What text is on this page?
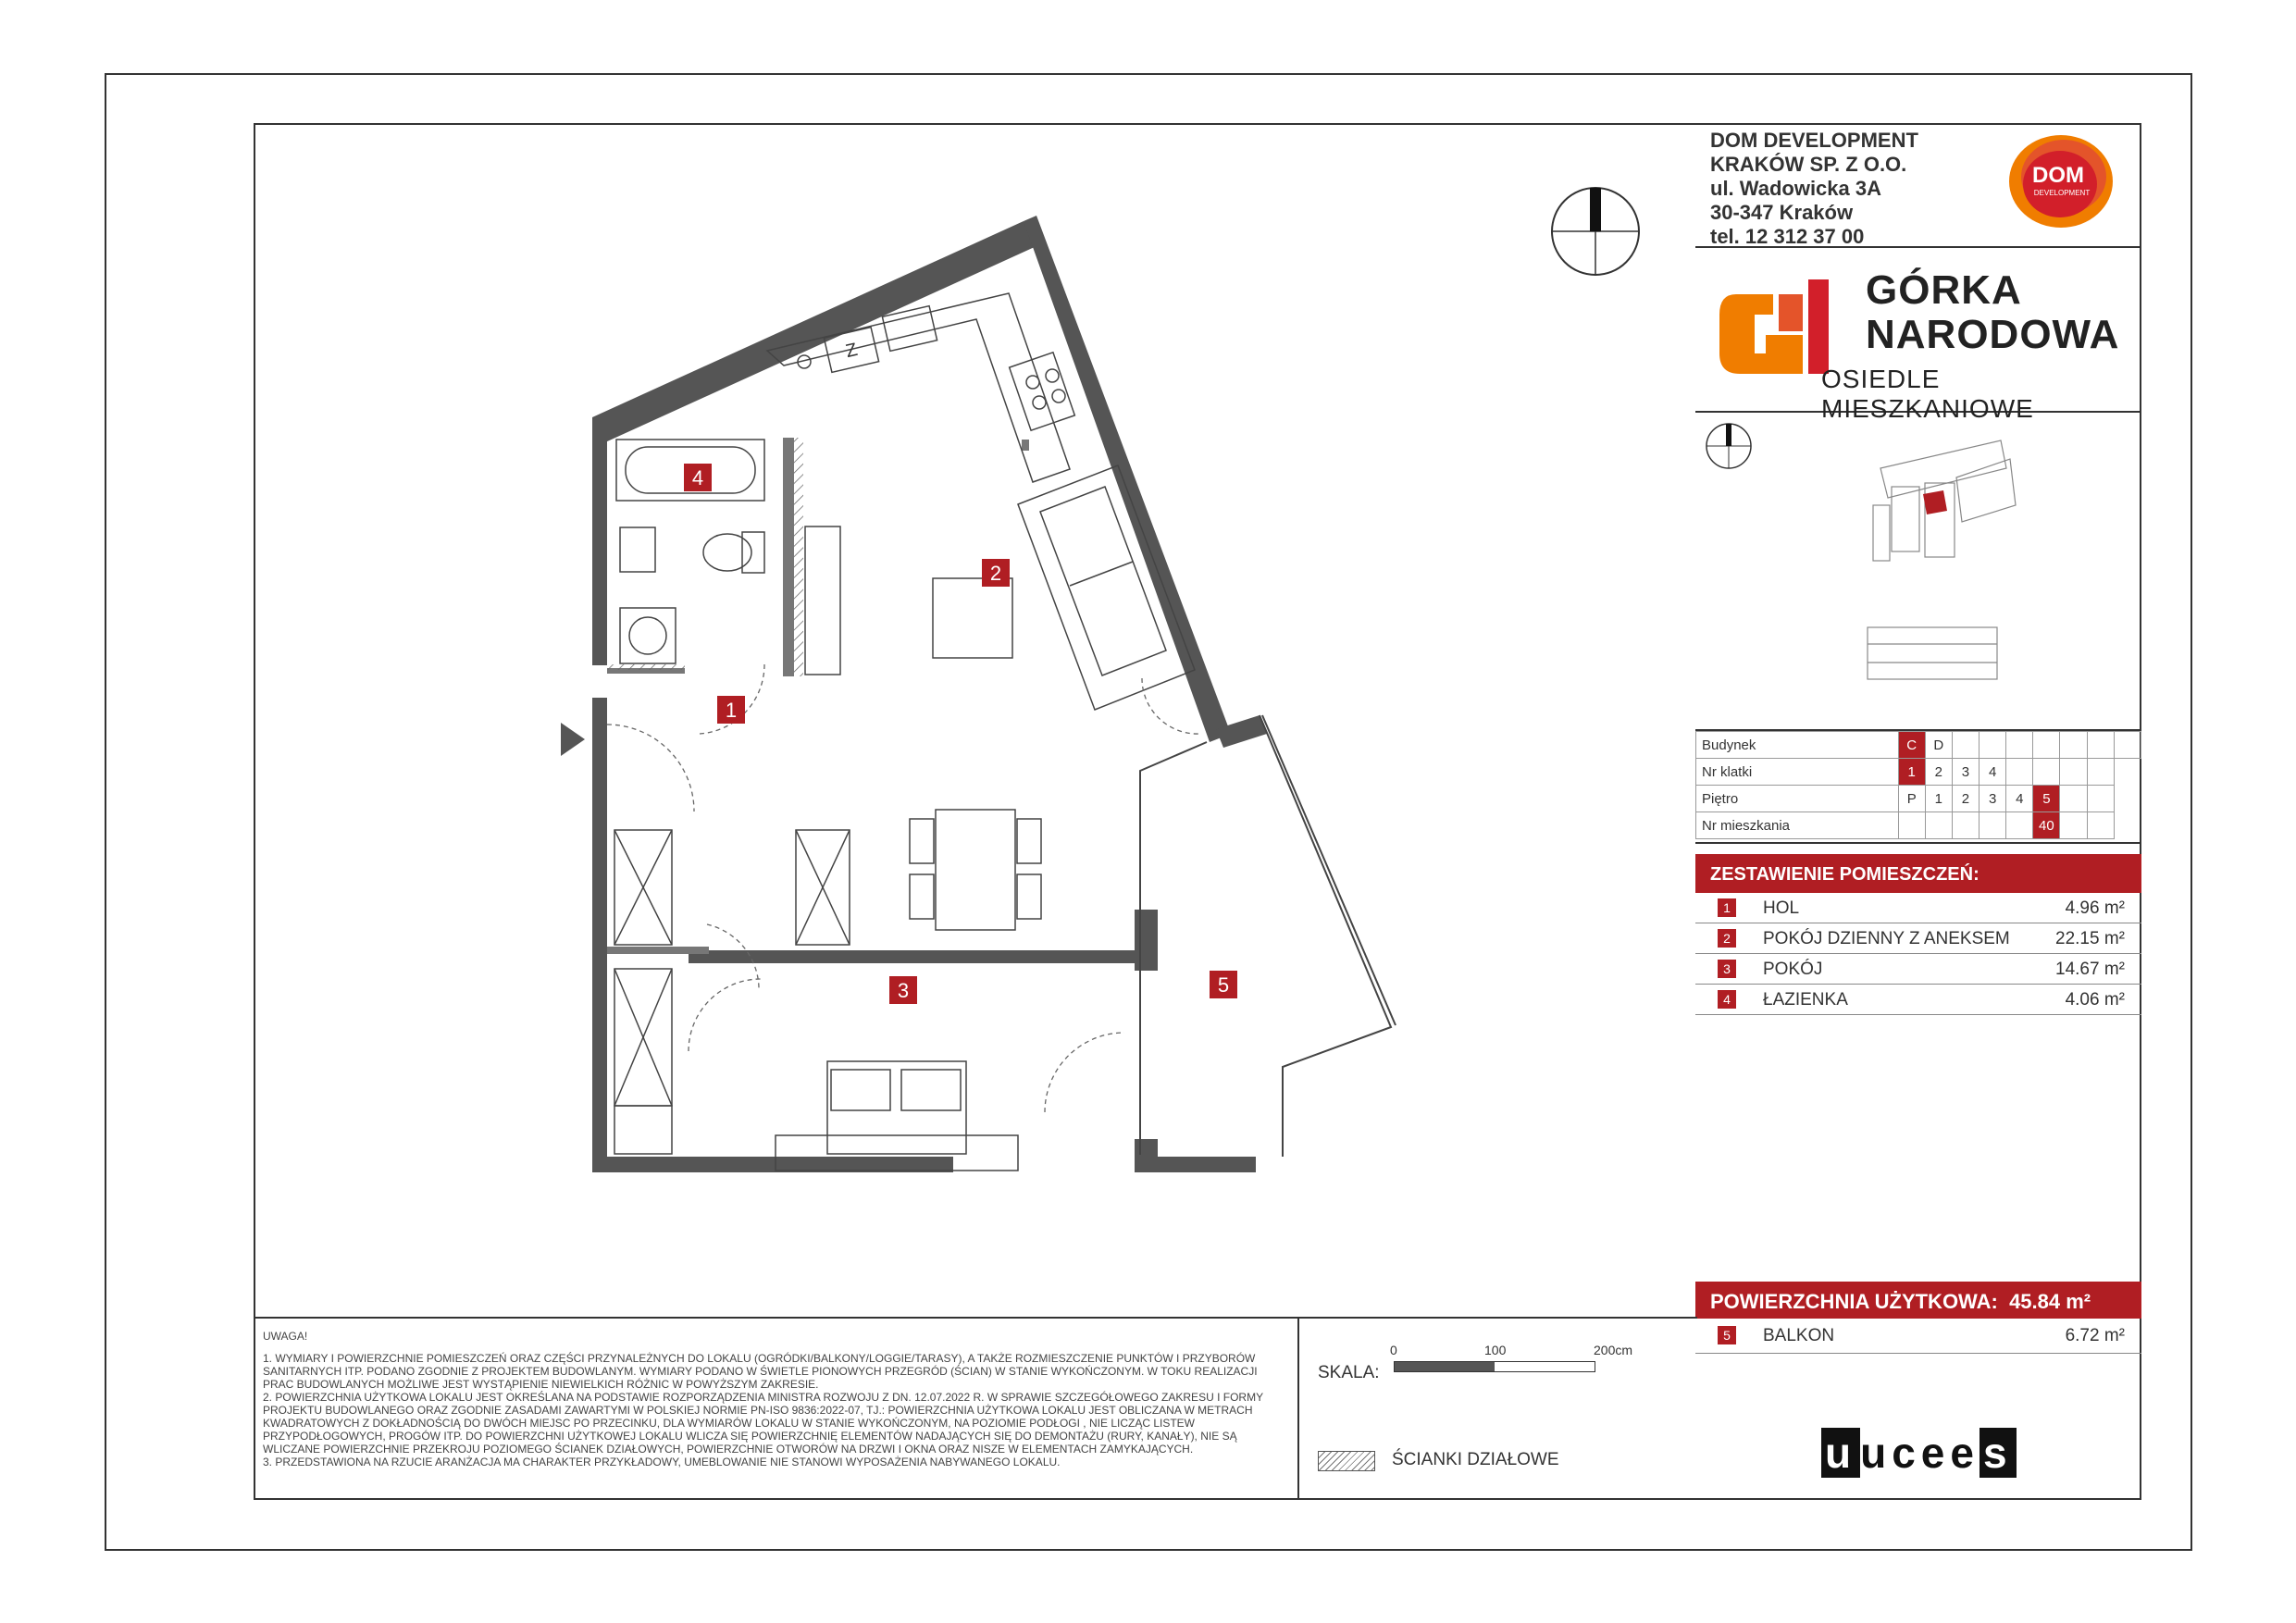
Z
1
2
3
4
5
DOM DEVELOPMENT
KRAKÓW SP. Z O.O.
ul. Wadowicka 3A
30-347 Kraków
tel. 12 312 37 00
DOM
DEVELOPMENT
GÓRKA
NARODOWA
OSIEDLE MIESZKANIOWE
Budynek	C	D							
Nr klatki	1	2	3	4					
Piętro	P	1	2	3	4	5			
Nr mieszkania						40			
ZESTAWIENIE POMIESZCZEŃ:
1	HOL	4.96 m²
2	POKÓJ DZIENNY Z ANEKSEM	22.15 m²
3	POKÓJ	14.67 m²
4	ŁAZIENKA	4.06 m²
POWIERZCHNIA UŻYTKOWA: 45.84 m²
5	BALKON	6.72 m²
uucees
UWAGA!

1. WYMIARY I POWIERZCHNIE POMIESZCZEŃ ORAZ CZĘŚCI PRZYNALEŻNYCH DO LOKALU (OGRÓDKI/BALKONY/LOGGIE/TARASY), A TAKŻE ROZMIESZCZENIE PUNKTÓW I PRZYBORÓW SANITARNYCH ITP. PODANO ZGODNIE Z PROJEKTEM BUDOWLANYM. WYMIARY PODANO W ŚWIETLE PIONOWYCH PRZEGRÓD (ŚCIAN) W STANIE WYKOŃCZONYM. W TOKU REALIZACJI PRAC BUDOWLANYCH MOŻLIWE JEST WYSTĄPIENIE NIEWIELKICH RÓŻNIC W POWYŻSZYM ZAKRESIE.

2. POWIERZCHNIA UŻYTKOWA LOKALU JEST OKREŚLANA NA PODSTAWIE ROZPORZĄDZENIA MINISTRA ROZWOJU Z DN. 12.07.2022 R. W SPRAWIE SZCZEGÓŁOWEGO ZAKRESU I FORMY PROJEKTU BUDOWLANEGO ORAZ ZGODNIE ZASADAMI ZAWARTYMI W POLSKIEJ NORMIE PN-ISO 9836:2022-07, TJ.: POWIERZCHNIA UŻYTKOWA LOKALU JEST OBLICZANA W METRACH KWADRATOWYCH Z DOKŁADNOŚCIĄ DO DWÓCH MIEJSC PO PRZECINKU, DLA WYMIARÓW LOKALU W STANIE WYKOŃCZONYM, NA POZIOMIE PODŁOGI , NIE LICZĄC LISTEW PRZYPODŁOGOWYCH, PROGÓW ITP. DO POWIERZCHNI UŻYTKOWEJ LOKALU WLICZA SIĘ POWIERZCHNIĘ ELEMENTÓW NADAJĄCYCH SIĘ DO DEMONTAŻU (RURY, KANAŁY), NIE SĄ WLICZANE POWIERZCHNIE PRZEKROJU POZIOMEGO ŚCIANEK DZIAŁOWYCH, POWIERZCHNIE OTWORÓW NA DRZWI I OKNA ORAZ NISZE W ELEMENTACH ZAMYKAJĄCYCH.

3. PRZEDSTAWIONA NA RZUCIE ARANŻACJA MA CHARAKTER PRZYKŁADOWY, UMEBLOWANIE NIE STANOWI WYPOSAŻENIA NABYWANEGO LOKALU.

SKALA:
0	100	200cm
ŚCIANKI DZIAŁOWE
